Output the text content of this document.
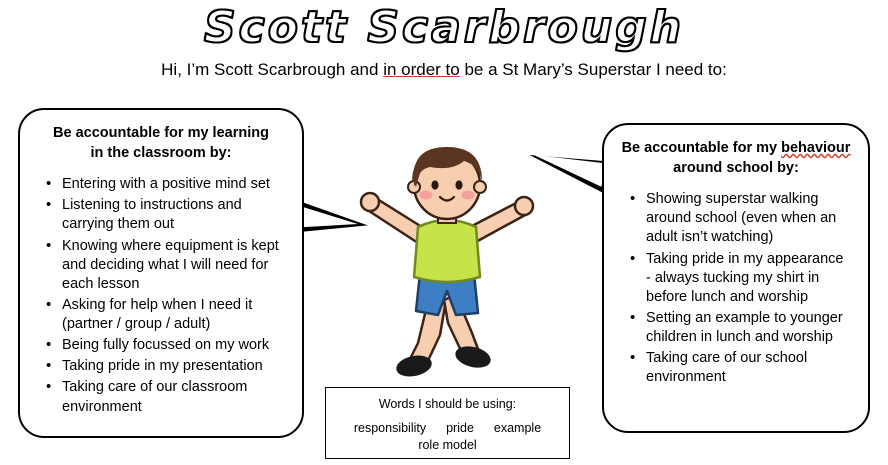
Scott Scarbrough
Hi, I’m Scott Scarbrough and in order to be a St Mary’s Superstar I need to:
Be accountable for my learning
in the classroom by:
• Entering with a positive mind set
• Listening to instructions and carrying them out
• Knowing where equipment is kept and deciding what I will need for each lesson
• Asking for help when I need it (partner / group / adult)
• Being fully focussed on my work
• Taking pride in my presentation
• Taking care of our classroom environment
Be accountable for my behaviour
around school by:
• Showing superstar walking around school (even when an adult isn’t watching)
• Taking pride in my appearance - always tucking my shirt in before lunch and worship
• Setting an example to younger children in lunch and worship
• Taking care of our school environment
Words I should be using:
responsibility pride example
role model
